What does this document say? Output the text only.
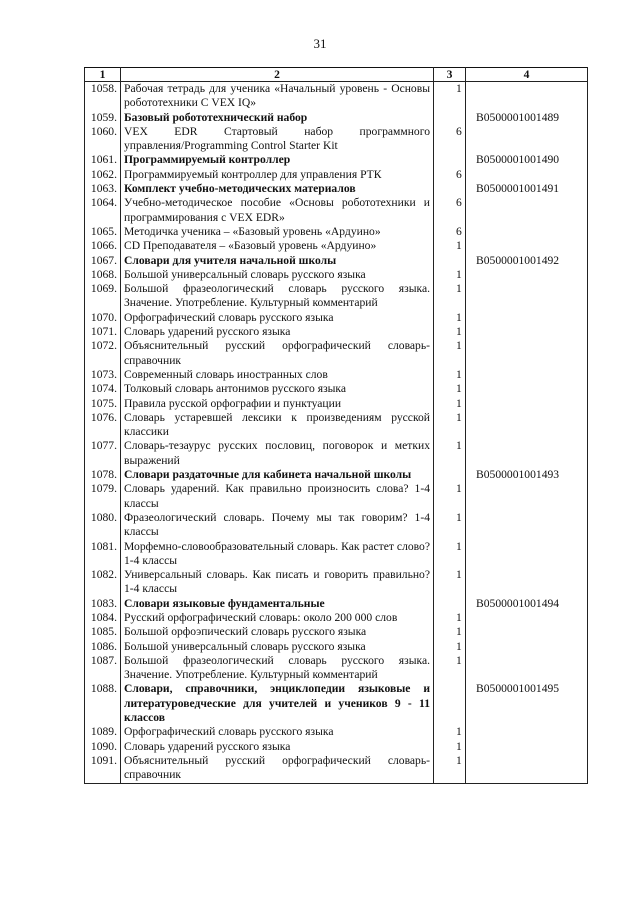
31
1	2	3	4
1058.	Рабочая тетрадь для ученика «Начальный уровень - Основы робототехники С VEX IQ»	1	
1059.	Базовый робототехнический набор		B0500001001489
1060.	VEX EDR Стартовый набор программного управления/Programming Control Starter Kit	6	
1061.	Программируемый контроллер		B0500001001490
1062.	Программируемый контроллер для управления РТК	6	
1063.	Комплект учебно-методических материалов		B0500001001491
1064.	Учебно-методическое пособие «Основы робототехники и программирования с VEX EDR»	6	
1065.	Методичка ученика – «Базовый уровень «Ардуино»	6	
1066.	CD Преподавателя – «Базовый уровень «Ардуино»	1	
1067.	Словари для учителя начальной школы		B0500001001492
1068.	Большой универсальный словарь русского языка	1	
1069.	Большой фразеологический словарь русского языка. Значение. Употребление. Культурный комментарий	1	
1070.	Орфографический словарь русского языка	1	
1071.	Словарь ударений русского языка	1	
1072.	Объяснительный русский орфографический словарь-справочник	1	
1073.	Современный словарь иностранных слов	1	
1074.	Толковый словарь антонимов русского языка	1	
1075.	Правила русской орфографии и пунктуации	1	
1076.	Словарь устаревшей лексики к произведениям русской классики	1	
1077.	Словарь-тезаурус русских пословиц, поговорок и метких выражений	1	
1078.	Словари раздаточные для кабинета начальной школы		B0500001001493
1079.	Словарь ударений. Как правильно произносить слова? 1-4 классы	1	
1080.	Фразеологический словарь. Почему мы так говорим? 1-4 классы	1	
1081.	Морфемно-словообразовательный словарь. Как растет слово? 1-4 классы	1	
1082.	Универсальный словарь. Как писать и говорить правильно? 1-4 классы	1	
1083.	Словари языковые фундаментальные		B0500001001494
1084.	Русский орфографический словарь: около 200 000 слов	1	
1085.	Большой орфоэпический словарь русского языка	1	
1086.	Большой универсальный словарь русского языка	1	
1087.	Большой фразеологический словарь русского языка. Значение. Употребление. Культурный комментарий	1	
1088.	Словари, справочники, энциклопедии языковые и литературоведческие для учителей и учеников 9 - 11 классов		B0500001001495
1089.	Орфографический словарь русского языка	1	
1090.	Словарь ударений русского языка	1	
1091.	Объяснительный русский орфографический словарь-справочник	1	
